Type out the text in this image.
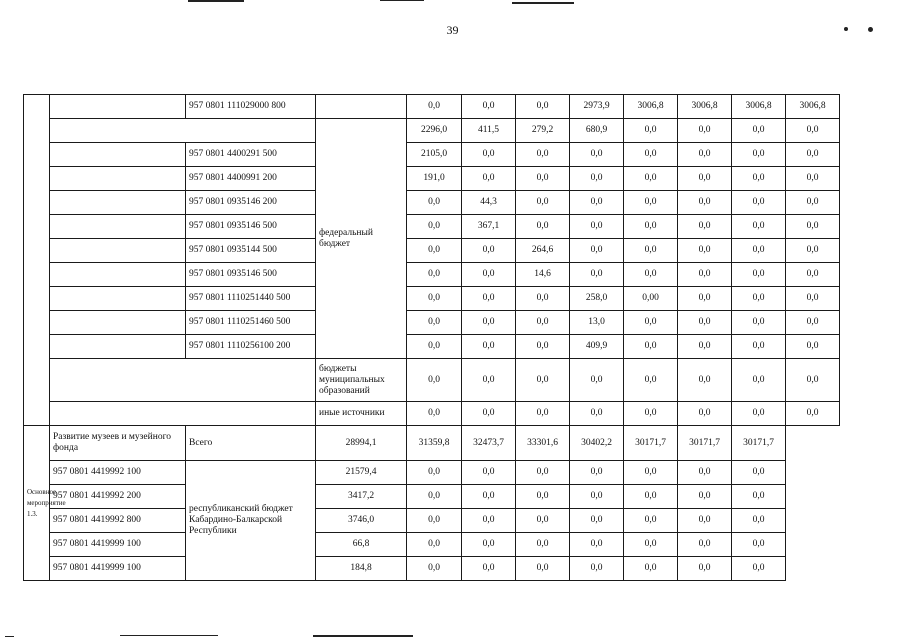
39
		957 0801 111029000 800		0,0	0,0	0,0	2973,9	3006,8	3006,8	3006,8	3006,8
			федеральный бюджет	2296,0	411,5	279,2	680,9	0,0	0,0	0,0	0,0
		957 0801 4400291 500		2105,0	0,0	0,0	0,0	0,0	0,0	0,0	0,0
		957 0801 4400991 200		191,0	0,0	0,0	0,0	0,0	0,0	0,0	0,0
		957 0801 0935146 200		0,0	44,3	0,0	0,0	0,0	0,0	0,0	0,0
		957 0801 0935146 500		0,0	367,1	0,0	0,0	0,0	0,0	0,0	0,0
		957 0801 0935144 500		0,0	0,0	264,6	0,0	0,0	0,0	0,0	0,0
		957 0801 0935146 500		0,0	0,0	14,6	0,0	0,0	0,0	0,0	0,0
		957 0801 1110251440 500		0,0	0,0	0,0	258,0	0,00	0,0	0,0	0,0
		957 0801 1110251460 500		0,0	0,0	0,0	13,0	0,0	0,0	0,0	0,0
		957 0801 1110256100 200		0,0	0,0	0,0	409,9	0,0	0,0	0,0	0,0
			бюджеты муниципальных образований	0,0	0,0	0,0	0,0	0,0	0,0	0,0	0,0
			иные источники	0,0	0,0	0,0	0,0	0,0	0,0	0,0	0,0
Основное мероприятие 1.3.	Развитие музеев и музейного фонда	Всего	28994,1	31359,8	32473,7	33301,6	30402,2	30171,7	30171,7	30171,7	
	957 0801 4419992 100	республиканский бюджет Кабардино-Балкарской Республики	21579,4	0,0	0,0	0,0	0,0	0,0	0,0	0,0	
	957 0801 4419992 200		3417,2	0,0	0,0	0,0	0,0	0,0	0,0	0,0	
	957 0801 4419992 800		3746,0	0,0	0,0	0,0	0,0	0,0	0,0	0,0	
	957 0801 4419999 100		66,8	0,0	0,0	0,0	0,0	0,0	0,0	0,0	
	957 0801 4419999 100		184,8	0,0	0,0	0,0	0,0	0,0	0,0	0,0	
